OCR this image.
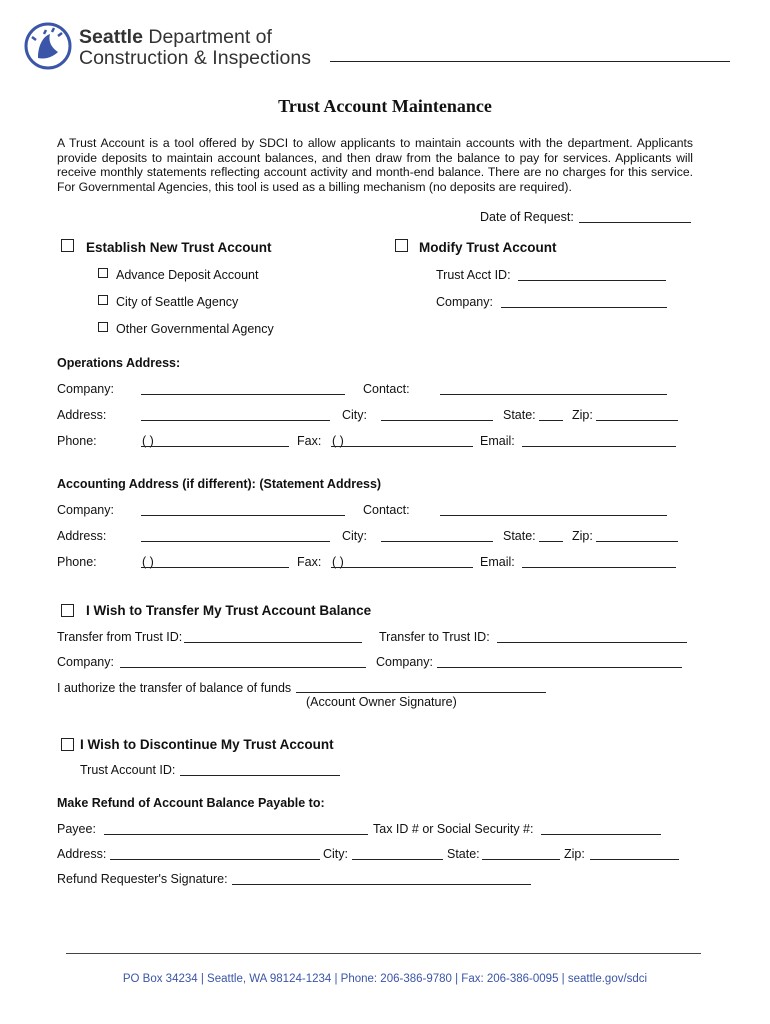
Seattle Department of
Construction & Inspections
Trust Account Maintenance
A Trust Account is a tool offered by SDCI to allow applicants to maintain accounts with the department. Applicants provide deposits to maintain account balances, and then draw from the balance to pay for services. Applicants will receive monthly statements reflecting account activity and month-end balance. There are no charges for this service. For Governmental Agencies, this tool is used as a billing mechanism (no deposits are required).
Date of Request:
Establish New Trust Account	Modify Trust Account
Advance Deposit Account
City of Seattle Agency
Other Governmental Agency
Trust Acct ID:
Company:
Operations Address:
Company:	Contact:
Address:	City:	State:	Zip:
Phone:	( )	Fax: ( )	Email:
Accounting Address (if different): (Statement Address)
Company:	Contact:
Address:	City:	State:	Zip:
Phone:	( )	Fax: ( )	Email:
I Wish to Transfer My Trust Account Balance
Transfer from Trust ID:	Transfer to Trust ID:
Company:	Company:
I authorize the transfer of balance of funds
(Account Owner Signature)
I Wish to Discontinue My Trust Account
Trust Account ID:
Make Refund of Account Balance Payable to:
Payee:	Tax ID # or Social Security #:
Address:	City:	State:	Zip:
Refund Requester's Signature:
PO Box 34234 | Seattle, WA 98124-1234 | Phone: 206-386-9780 | Fax: 206-386-0095 | seattle.gov/sdci
